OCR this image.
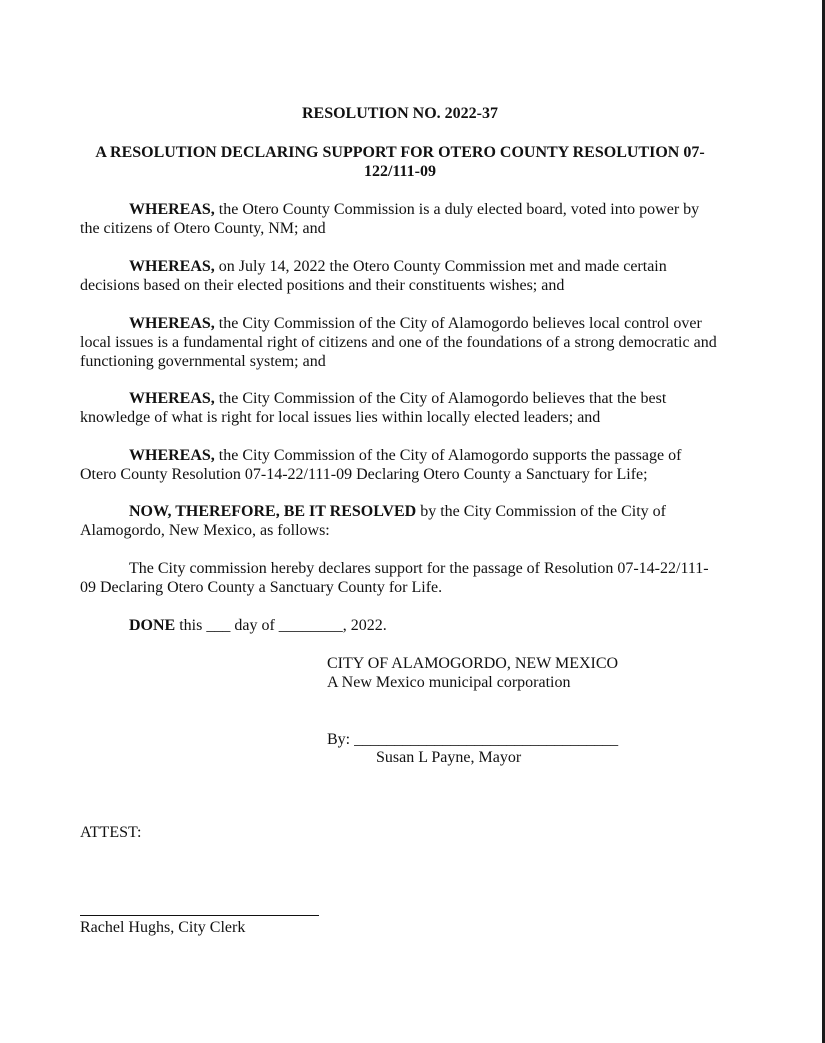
RESOLUTION NO. 2022-37
A RESOLUTION DECLARING SUPPORT FOR OTERO COUNTY RESOLUTION 07-122/111-09
WHEREAS, the Otero County Commission is a duly elected board, voted into power by the citizens of Otero County, NM; and
WHEREAS, on July 14, 2022 the Otero County Commission met and made certain decisions based on their elected positions and their constituents wishes; and
WHEREAS, the City Commission of the City of Alamogordo believes local control over local issues is a fundamental right of citizens and one of the foundations of a strong democratic and functioning governmental system; and
WHEREAS, the City Commission of the City of Alamogordo believes that the best knowledge of what is right for local issues lies within locally elected leaders; and
WHEREAS, the City Commission of the City of Alamogordo supports the passage of Otero County Resolution 07-14-22/111-09 Declaring Otero County a Sanctuary for Life;
NOW, THEREFORE, BE IT RESOLVED by the City Commission of the City of Alamogordo, New Mexico, as follows:
The City commission hereby declares support for the passage of Resolution 07-14-22/111-09 Declaring Otero County a Sanctuary County for Life.
DONE this ___ day of ________, 2022.
CITY OF ALAMOGORDO, NEW MEXICO
A New Mexico municipal corporation
By: _________________________________
Susan L Payne, Mayor
ATTEST:
Rachel Hughs, City Clerk
